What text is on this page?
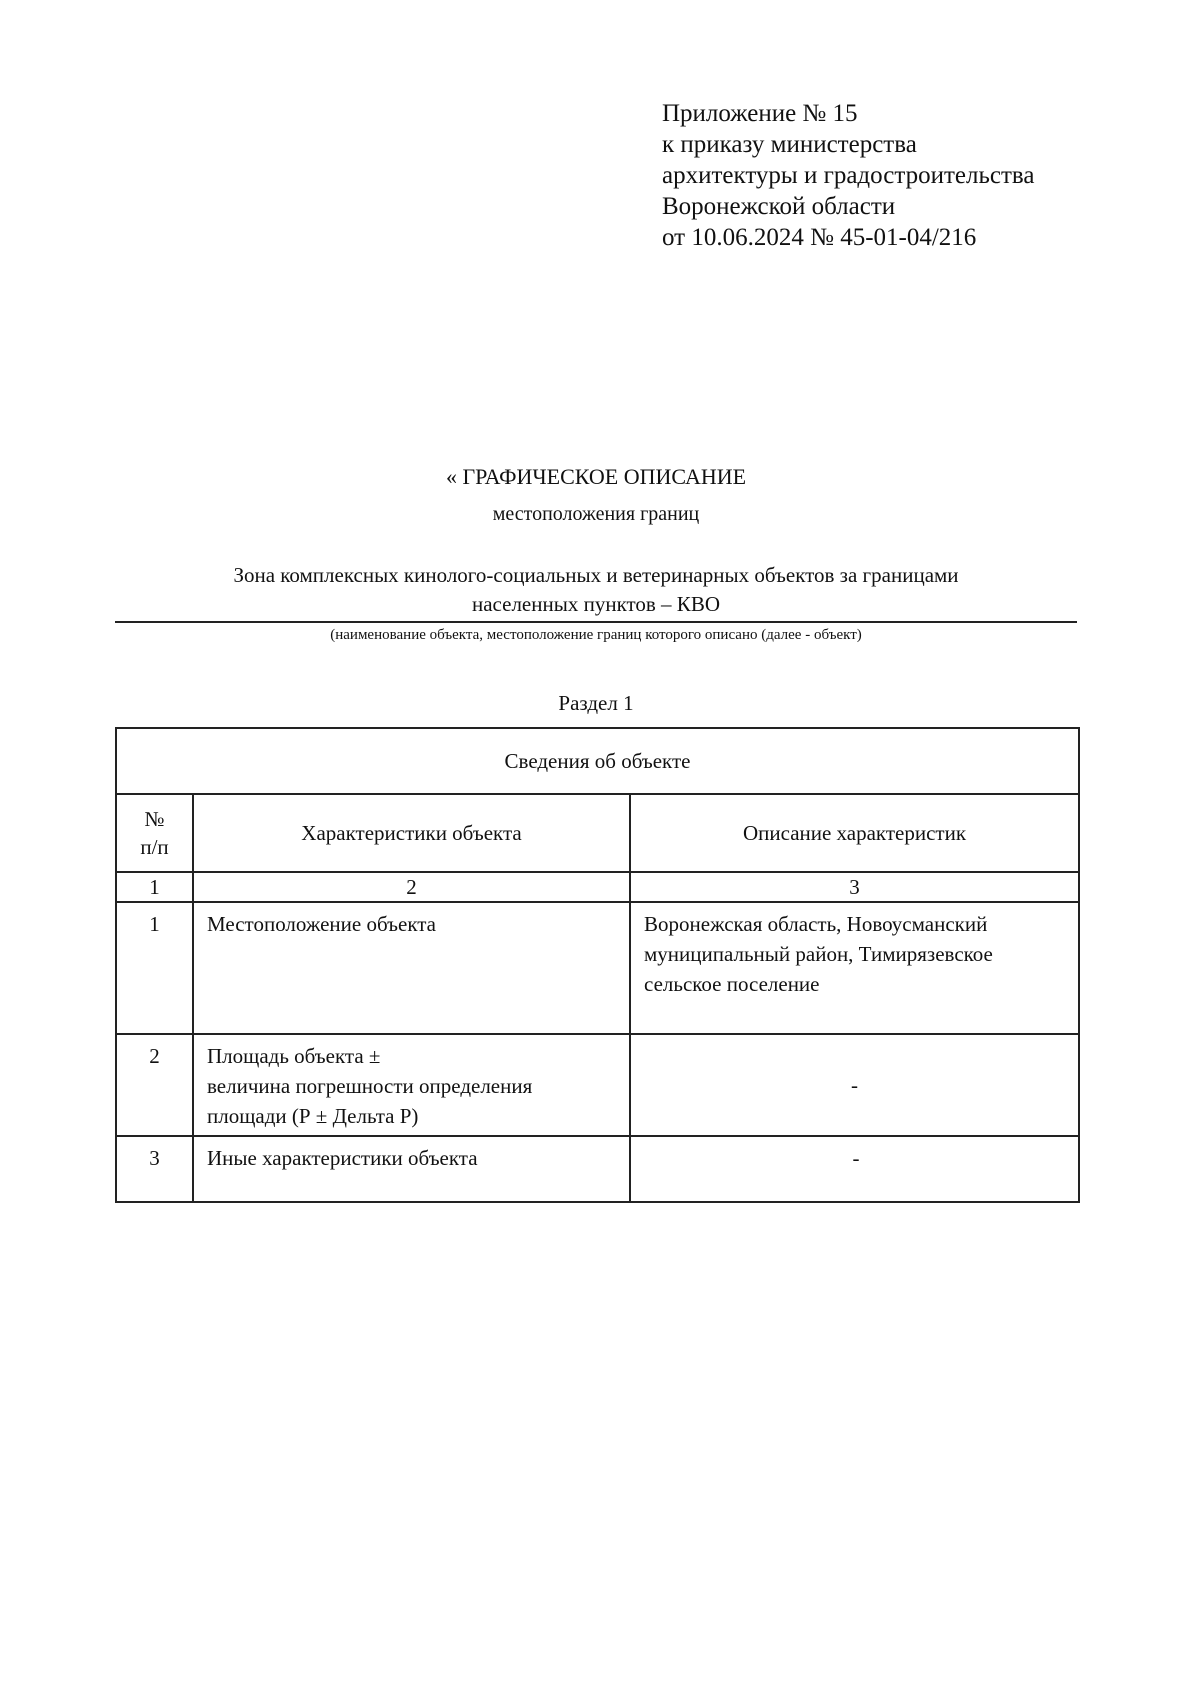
Приложение № 15
к приказу министерства
архитектуры и градостроительства
Воронежской области
от 10.06.2024 № 45-01-04/216
« ГРАФИЧЕСКОЕ ОПИСАНИЕ
местоположения границ
Зона комплексных кинолого-социальных и ветеринарных объектов за границами
населенных пунктов – КВО
(наименование объекта, местоположение границ которого описано (далее - объект)
Раздел 1
Сведения об объекте		

№
п/п	Характеристики объекта	Описание характеристик
1	2	3
1	Местоположение объекта	Воронежская область, Новоусманский
муниципальный район, Тимирязевское
сельское поселение

2	Площадь объекта ±
величина погрешности определения
площади (Р ± Дельта Р)	-

3	Иные характеристики объекта	-
